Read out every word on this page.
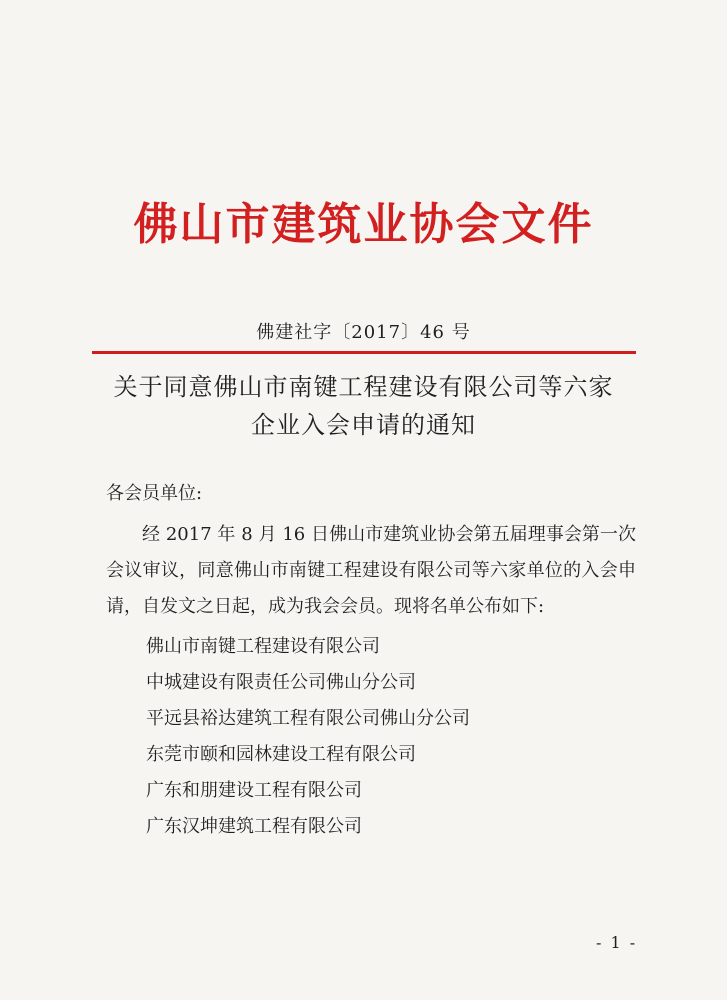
佛山市建筑业协会文件
佛建社字〔2017〕46 号
关于同意佛山市南键工程建设有限公司等六家
企业入会申请的通知
各会员单位:
经 2017 年 8 月 16 日佛山市建筑业协会第五届理事会第一次会议审议，同意佛山市南键工程建设有限公司等六家单位的入会申请，自发文之日起，成为我会会员。现将名单公布如下:
佛山市南键工程建设有限公司
中城建设有限责任公司佛山分公司
平远县裕达建筑工程有限公司佛山分公司
东莞市颐和园林建设工程有限公司
广东和朋建设工程有限公司
广东汉坤建筑工程有限公司
- 1 -
